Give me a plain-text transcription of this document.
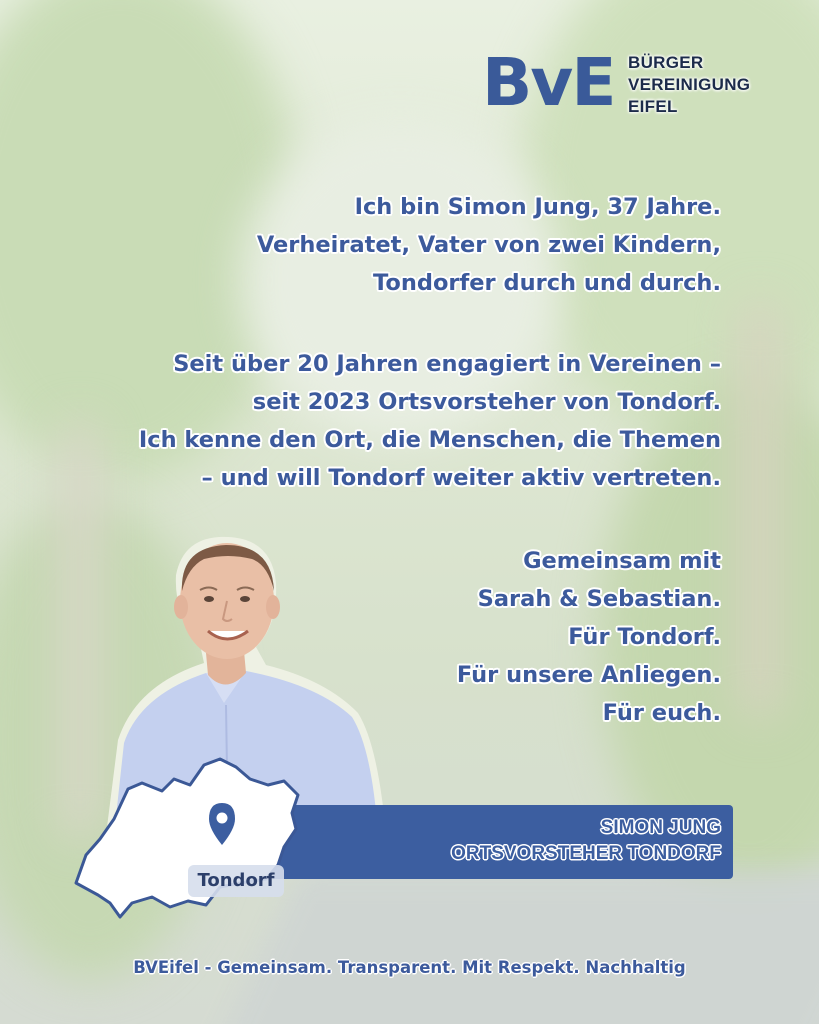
BvE BÜRGER
VEREINIGUNG
EIFEL
Ich bin Simon Jung, 37 Jahre.
Verheiratet, Vater von zwei Kindern,
Tondorfer durch und durch.
Seit über 20 Jahren engagiert in Vereinen –
seit 2023 Ortsvorsteher von Tondorf.
Ich kenne den Ort, die Menschen, die Themen
– und will Tondorf weiter aktiv vertreten.
Gemeinsam mit
Sarah & Sebastian.
Für Tondorf.
Für unsere Anliegen.
Für euch.
SIMON JUNG
ORTSVORSTEHER TONDORF
Tondorf
BVEifel - Gemeinsam. Transparent. Mit Respekt. Nachhaltig
